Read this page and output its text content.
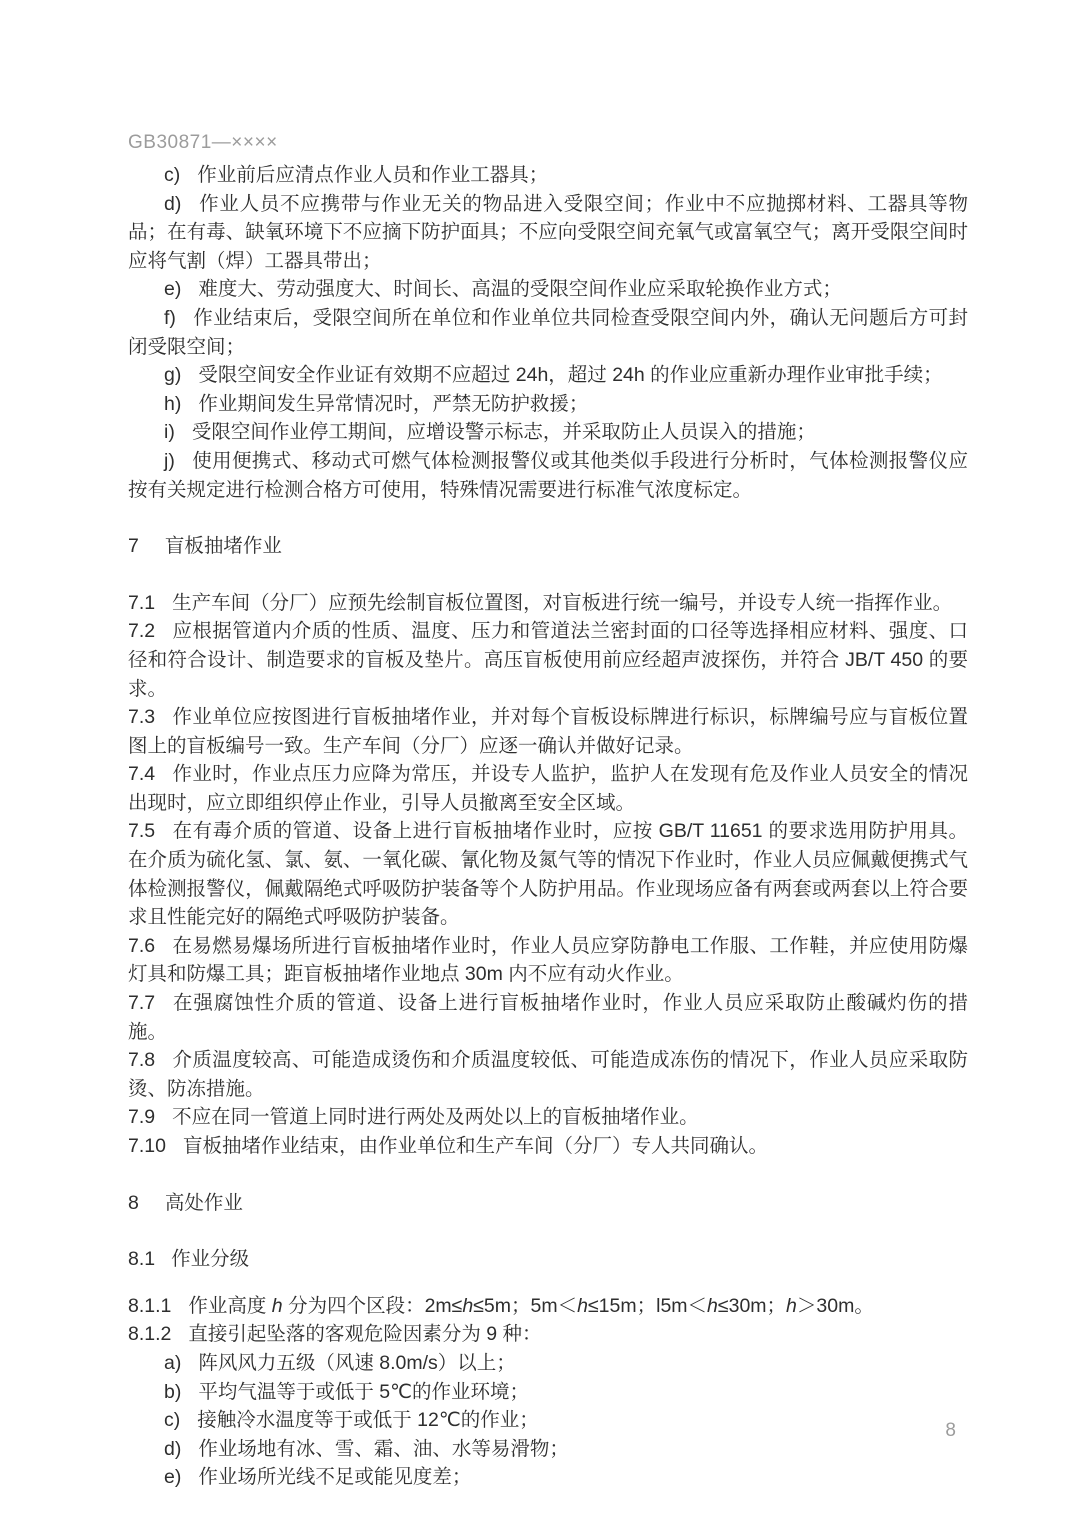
GB30871—××××

c) 作业前后应清点作业人员和作业工器具；

d) 作业人员不应携带与作业无关的物品进入受限空间；作业中不应抛掷材料、工器具等物品；在有毒、缺氧环境下不应摘下防护面具；不应向受限空间充氧气或富氧空气；离开受限空间时应将气割（焊）工器具带出；

e) 难度大、劳动强度大、时间长、高温的受限空间作业应采取轮换作业方式；

f) 作业结束后，受限空间所在单位和作业单位共同检查受限空间内外，确认无问题后方可封闭受限空间；

g) 受限空间安全作业证有效期不应超过 24h，超过 24h 的作业应重新办理作业审批手续；

h) 作业期间发生异常情况时，严禁无防护救援；

i) 受限空间作业停工期间，应增设警示标志，并采取防止人员误入的措施；

j) 使用便携式、移动式可燃气体检测报警仪或其他类似手段进行分析时，气体检测报警仪应按有关规定进行检测合格方可使用，特殊情况需要进行标准气浓度标定。

7 盲板抽堵作业

7.1 生产车间（分厂）应预先绘制盲板位置图，对盲板进行统一编号，并设专人统一指挥作业。

7.2 应根据管道内介质的性质、温度、压力和管道法兰密封面的口径等选择相应材料、强度、口径和符合设计、制造要求的盲板及垫片。高压盲板使用前应经超声波探伤，并符合 JB/T 450 的要求。

7.3 作业单位应按图进行盲板抽堵作业，并对每个盲板设标牌进行标识，标牌编号应与盲板位置图上的盲板编号一致。生产车间（分厂）应逐一确认并做好记录。

7.4 作业时，作业点压力应降为常压，并设专人监护，监护人在发现有危及作业人员安全的情况出现时，应立即组织停止作业，引导人员撤离至安全区域。

7.5 在有毒介质的管道、设备上进行盲板抽堵作业时，应按 GB/T 11651 的要求选用防护用具。在介质为硫化氢、氯、氨、一氧化碳、氰化物及氮气等的情况下作业时，作业人员应佩戴便携式气体检测报警仪，佩戴隔绝式呼吸防护装备等个人防护用品。作业现场应备有两套或两套以上符合要求且性能完好的隔绝式呼吸防护装备。

7.6 在易燃易爆场所进行盲板抽堵作业时，作业人员应穿防静电工作服、工作鞋，并应使用防爆灯具和防爆工具；距盲板抽堵作业地点 30m 内不应有动火作业。

7.7 在强腐蚀性介质的管道、设备上进行盲板抽堵作业时，作业人员应采取防止酸碱灼伤的措施。

7.8 介质温度较高、可能造成烫伤和介质温度较低、可能造成冻伤的情况下，作业人员应采取防烫、防冻措施。

7.9 不应在同一管道上同时进行两处及两处以上的盲板抽堵作业。

7.10 盲板抽堵作业结束，由作业单位和生产车间（分厂）专人共同确认。

8 高处作业

8.1 作业分级

8.1.1 作业高度 h 分为四个区段：2m≤h≤5m；5m＜h≤15m；l5m＜h≤30m；h＞30m。

8.1.2 直接引起坠落的客观危险因素分为 9 种：

a) 阵风风力五级（风速 8.0m/s）以上；

b) 平均气温等于或低于 5℃的作业环境；

c) 接触冷水温度等于或低于 12℃的作业；

d) 作业场地有冰、雪、霜、油、水等易滑物；

e) 作业场所光线不足或能见度差；

8
